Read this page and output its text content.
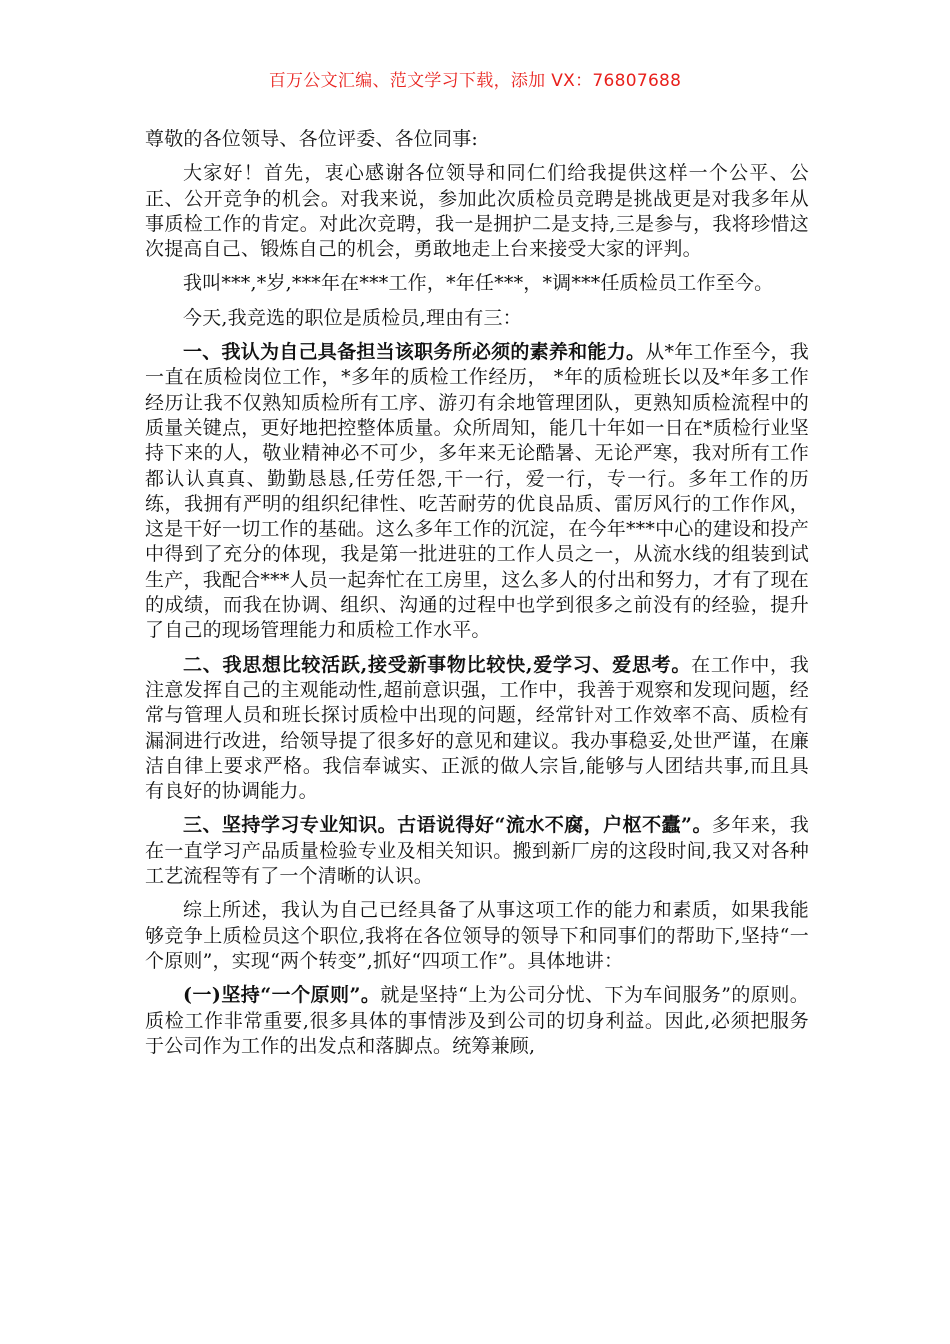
百万公文汇编、范文学习下载，添加 VX：76807688

尊敬的各位领导、各位评委、各位同事:

大家好！首先，衷心感谢各位领导和同仁们给我提供这样一个公平、公正、公开竞争的机会。对我来说，参加此次质检员竞聘是挑战更是对我多年从事质检工作的肯定。对此次竞聘，我一是拥护二是支持,三是参与，我将珍惜这次提高自己、锻炼自己的机会，勇敢地走上台来接受大家的评判。

我叫***,*岁,***年在***工作，*年任***，*调***任质检员工作至今。

今天,我竞选的职位是质检员,理由有三：

一、我认为自己具备担当该职务所必须的素养和能力。从*年工作至今，我一直在质检岗位工作，*多年的质检工作经历， *年的质检班长以及*年多工作经历让我不仅熟知质检所有工序、游刃有余地管理团队，更熟知质检流程中的质量关键点，更好地把控整体质量。众所周知，能几十年如一日在*质检行业坚持下来的人，敬业精神必不可少，多年来无论酷暑、无论严寒，我对所有工作都认认真真、勤勤恳恳,任劳任怨,干一行，爱一行，专一行。多年工作的历练，我拥有严明的组织纪律性、吃苦耐劳的优良品质、雷厉风行的工作作风，这是干好一切工作的基础。这么多年工作的沉淀，在今年***中心的建设和投产中得到了充分的体现，我是第一批进驻的工作人员之一，从流水线的组装到试生产，我配合***人员一起奔忙在工房里，这么多人的付出和努力，才有了现在的成绩，而我在协调、组织、沟通的过程中也学到很多之前没有的经验，提升了自己的现场管理能力和质检工作水平。

二、我思想比较活跃,接受新事物比较快,爱学习、爱思考。在工作中，我注意发挥自己的主观能动性,超前意识强，工作中，我善于观察和发现问题，经常与管理人员和班长探讨质检中出现的问题，经常针对工作效率不高、质检有漏洞进行改进，给领导提了很多好的意见和建议。我办事稳妥,处世严谨，在廉洁自律上要求严格。我信奉诚实、正派的做人宗旨,能够与人团结共事,而且具有良好的协调能力。

三、坚持学习专业知识。古语说得好“流水不腐，户枢不蠹”。多年来，我在一直学习产品质量检验专业及相关知识。搬到新厂房的这段时间,我又对各种工艺流程等有了一个清晰的认识。

综上所述，我认为自己已经具备了从事这项工作的能力和素质，如果我能够竞争上质检员这个职位,我将在各位领导的领导下和同事们的帮助下,坚持“一个原则”，实现“两个转变”,抓好“四项工作”。具体地讲：

(一)坚持“一个原则”。就是坚持“上为公司分忧、下为车间服务”的原则。质检工作非常重要,很多具体的事情涉及到公司的切身利益。因此,必须把服务于公司作为工作的出发点和落脚点。统筹兼顾,
